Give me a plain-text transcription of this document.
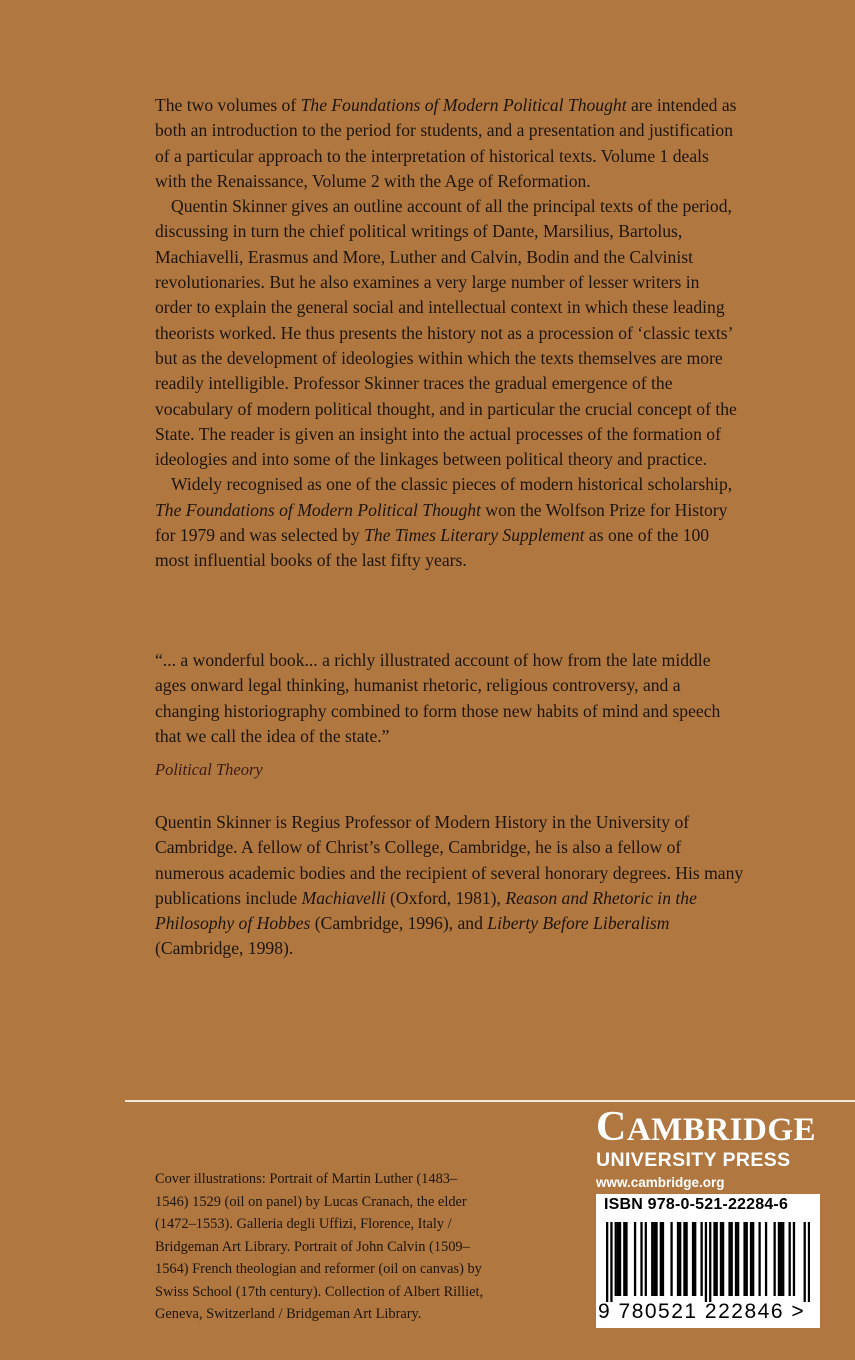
The two volumes of The Foundations of Modern Political Thought are intended as both an introduction to the period for students, and a presentation and justification of a particular approach to the interpretation of historical texts. Volume 1 deals with the Renaissance, Volume 2 with the Age of Reformation.

Quentin Skinner gives an outline account of all the principal texts of the period, discussing in turn the chief political writings of Dante, Marsilius, Bartolus, Machiavelli, Erasmus and More, Luther and Calvin, Bodin and the Calvinist revolutionaries. But he also examines a very large number of lesser writers in order to explain the general social and intellectual context in which these leading theorists worked. He thus presents the history not as a procession of ‘classic texts’ but as the development of ideologies within which the texts themselves are more readily intelligible. Professor Skinner traces the gradual emergence of the vocabulary of modern political thought, and in particular the crucial concept of the State. The reader is given an insight into the actual processes of the formation of ideologies and into some of the linkages between political theory and practice.

Widely recognised as one of the classic pieces of modern historical scholarship, The Foundations of Modern Political Thought won the Wolfson Prize for History for 1979 and was selected by The Times Literary Supplement as one of the 100 most influential books of the last fifty years.

“... a wonderful book... a richly illustrated account of how from the late middle ages onward legal thinking, humanist rhetoric, religious controversy, and a changing historiography combined to form those new habits of mind and speech that we call the idea of the state.”

Political Theory

Quentin Skinner is Regius Professor of Modern History in the University of Cambridge. A fellow of Christ’s College, Cambridge, he is also a fellow of numerous academic bodies and the recipient of several honorary degrees. His many publications include Machiavelli (Oxford, 1981), Reason and Rhetoric in the Philosophy of Hobbes (Cambridge, 1996), and Liberty Before Liberalism (Cambridge, 1998).

Cover illustrations: Portrait of Martin Luther (1483–1546) 1529 (oil on panel) by Lucas Cranach, the elder (1472–1553). Galleria degli Uffizi, Florence, Italy / Bridgeman Art Library. Portrait of John Calvin (1509–1564) French theologian and reformer (oil on canvas) by Swiss School (17th century). Collection of Albert Rilliet, Geneva, Switzerland / Bridgeman Art Library.

CAMBRIDGE
UNIVERSITY PRESS
www.cambridge.org
ISBN 978-0-521-22284-6
9 780521 222846 >
